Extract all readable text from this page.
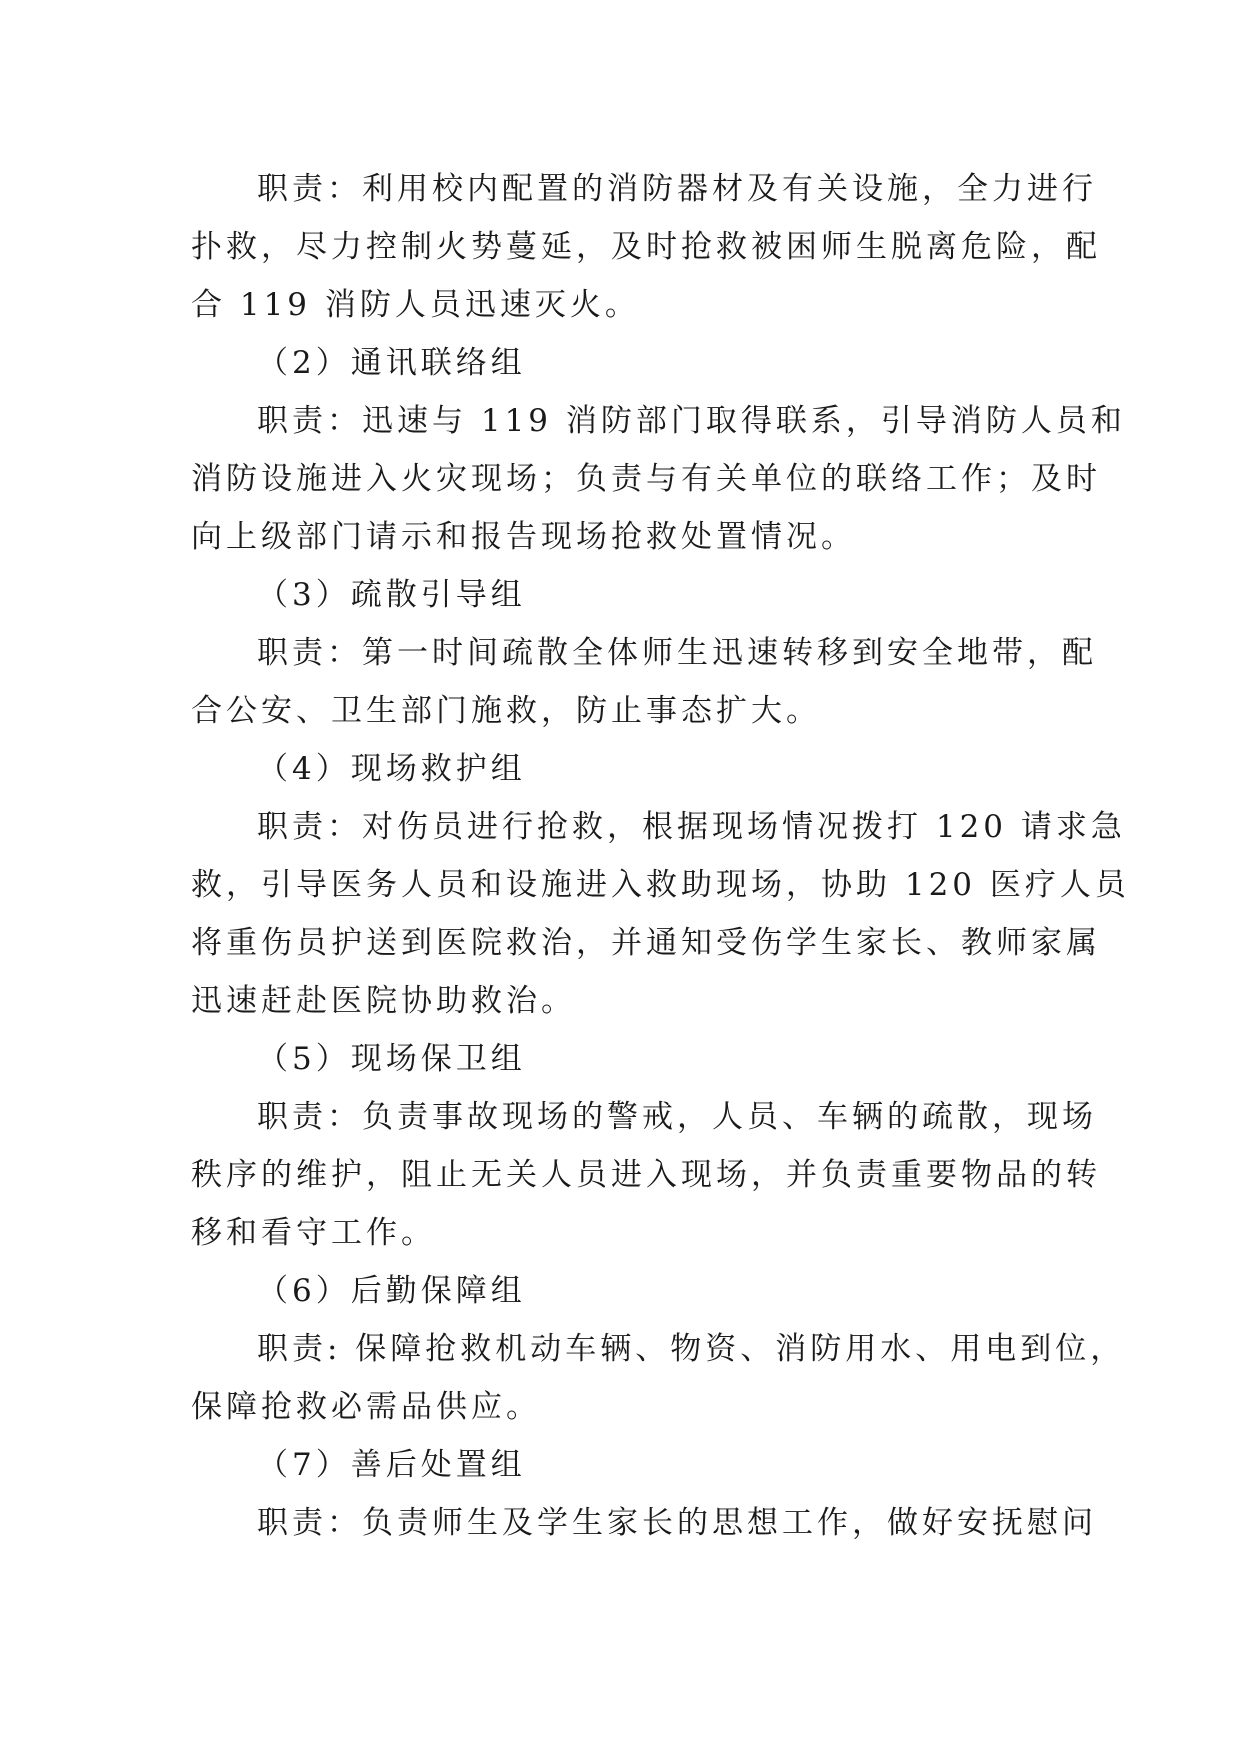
职责：利用校内配置的消防器材及有关设施，全力进行
扑救，尽力控制火势蔓延，及时抢救被困师生脱离危险，配
合 119 消防人员迅速灭火。
（2）通讯联络组
职责：迅速与 119 消防部门取得联系，引导消防人员和
消防设施进入火灾现场；负责与有关单位的联络工作；及时
向上级部门请示和报告现场抢救处置情况。
（3）疏散引导组
职责：第一时间疏散全体师生迅速转移到安全地带，配
合公安、卫生部门施救，防止事态扩大。
（4）现场救护组
职责：对伤员进行抢救，根据现场情况拨打 120 请求急
救，引导医务人员和设施进入救助现场，协助 120 医疗人员
将重伤员护送到医院救治，并通知受伤学生家长、教师家属
迅速赶赴医院协助救治。
（5）现场保卫组
职责：负责事故现场的警戒，人员、车辆的疏散，现场
秩序的维护，阻止无关人员进入现场，并负责重要物品的转
移和看守工作。
（6）后勤保障组
职责: 保障抢救机动车辆、物资、消防用水、用电到位，
保障抢救必需品供应。
（7）善后处置组
职责：负责师生及学生家长的思想工作，做好安抚慰问
